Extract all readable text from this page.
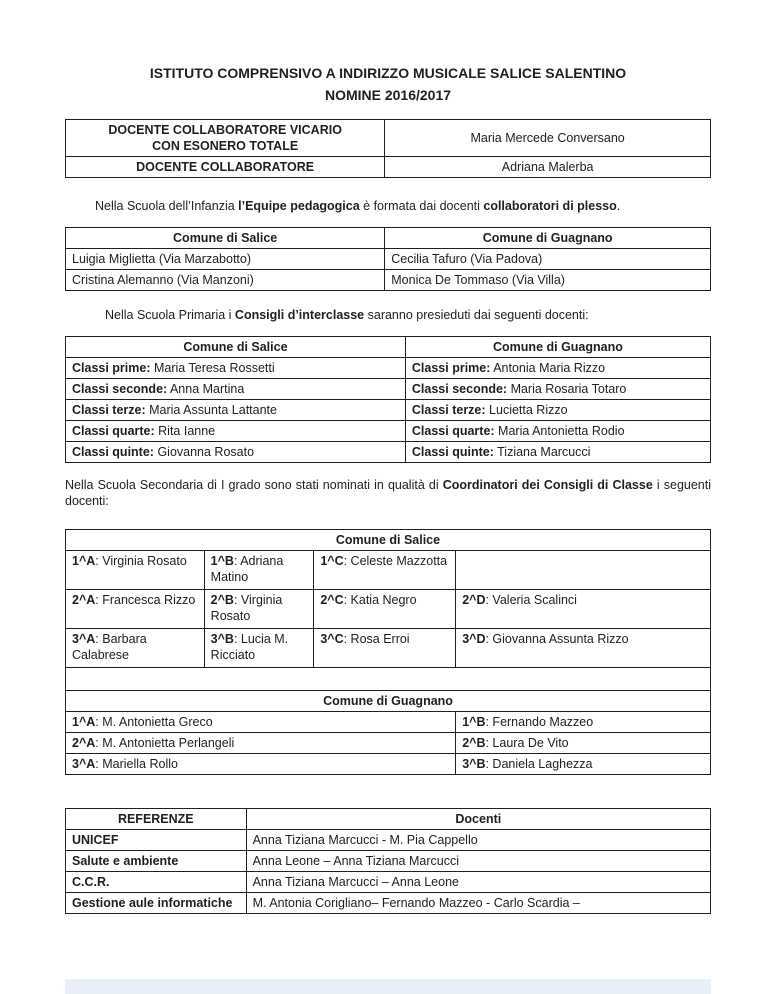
ISTITUTO COMPRENSIVO A INDIRIZZO MUSICALE SALICE SALENTINO
NOMINE 2016/2017
DOCENTE COLLABORATORE VICARIO
CON ESONERO TOTALE	Maria Mercede Conversano
DOCENTE COLLABORATORE	Adriana Malerba

Nella Scuola dell’Infanzia l’Equipe pedagogica è formata dai docenti collaboratori di plesso.

Comune di Salice	Comune di Guagnano
Luigia Miglietta (Via Marzabotto)	Cecilia Tafuro (Via Padova)
Cristina Alemanno (Via Manzoni)	Monica De Tommaso (Via Villa)

Nella Scuola Primaria i Consigli d’interclasse saranno presieduti dai seguenti docenti:

Comune di Salice	Comune di Guagnano
Classi prime: Maria Teresa Rossetti	Classi prime: Antonia Maria Rizzo
Classi seconde: Anna Martina	Classi seconde: Maria Rosaria Totaro
Classi terze: Maria Assunta Lattante	Classi terze: Lucietta Rizzo
Classi quarte: Rita Ianne	Classi quarte: Maria Antonietta Rodio
Classi quinte: Giovanna Rosato	Classi quinte: Tiziana Marcucci

Nella Scuola Secondaria di I grado sono stati nominati in qualità di Coordinatori dei Consigli di Classe i seguenti docenti:

Comune di Salice			
1^A: Virginia Rosato	1^B: Adriana Matino	1^C: Celeste Mazzotta	
2^A: Francesca Rizzo	2^B: Virginia Rosato	2^C: Katia Negro	2^D: Valeria Scalinci
3^A: Barbara Calabrese	3^B: Lucia M. Ricciato	3^C: Rosa Erroi	3^D: Giovanna Assunta Rizzo

Comune di Guagnano			
1^A: M. Antonietta Greco			1^B: Fernando Mazzeo
2^A: M. Antonietta Perlangeli			2^B: Laura De Vito
3^A: Mariella Rollo			3^B: Daniela Laghezza
REFERENZE	Docenti
UNICEF	Anna Tiziana Marcucci - M. Pia Cappello
Salute e ambiente	Anna Leone – Anna Tiziana Marcucci
C.C.R.	Anna Tiziana Marcucci – Anna Leone
Gestione aule informatiche	M. Antonia Corigliano– Fernando Mazzeo - Carlo Scardia –
